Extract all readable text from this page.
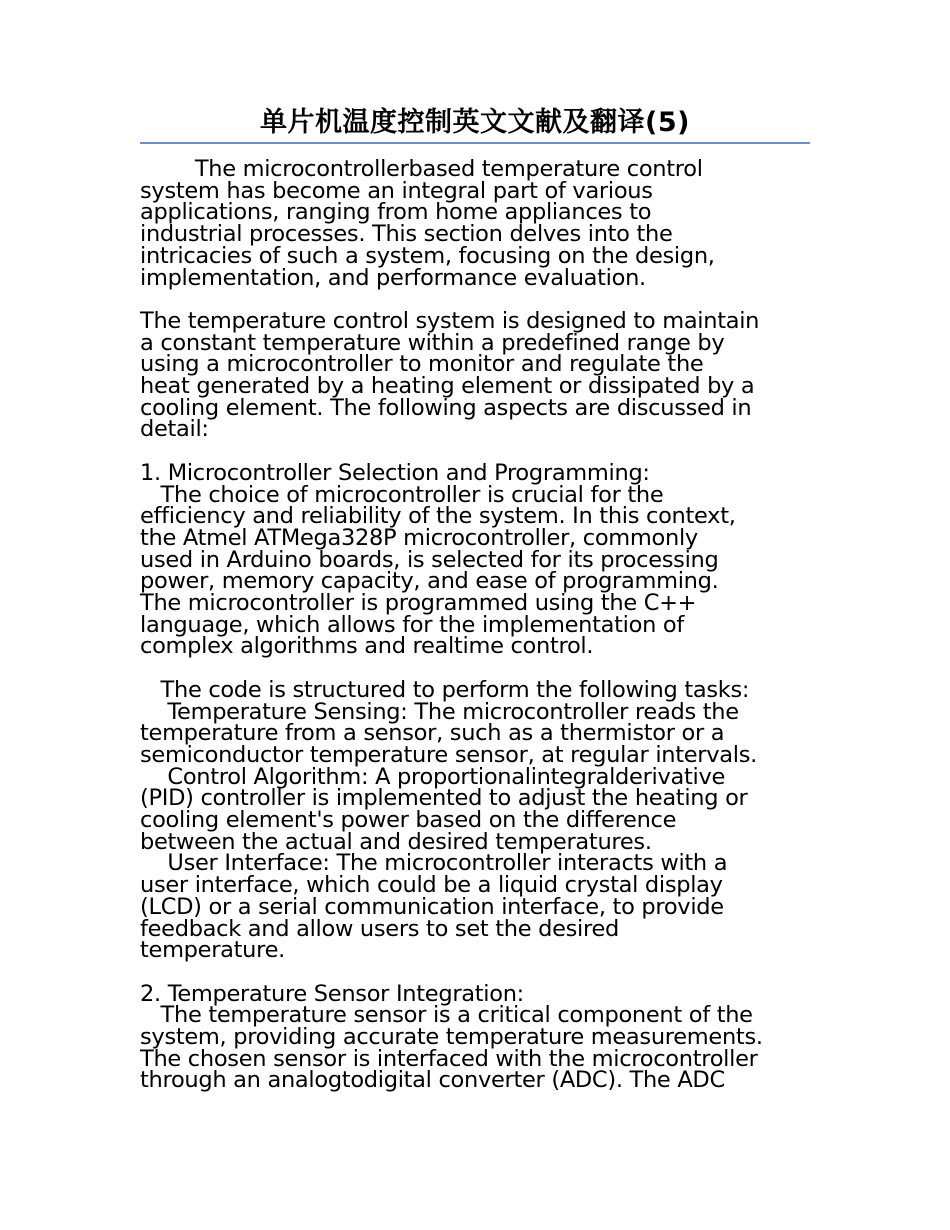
单片机温度控制英文文献及翻译(5)
The microcontrollerbased temperature control
system has become an integral part of various
applications, ranging from home appliances to
industrial processes. This section delves into the
intricacies of such a system, focusing on the design,
implementation, and performance evaluation.
The temperature control system is designed to maintain
a constant temperature within a predefined range by
using a microcontroller to monitor and regulate the
heat generated by a heating element or dissipated by a
cooling element. The following aspects are discussed in
detail:
1. Microcontroller Selection and Programming:
The choice of microcontroller is crucial for the
efficiency and reliability of the system. In this context,
the Atmel ATMega328P microcontroller, commonly
used in Arduino boards, is selected for its processing
power, memory capacity, and ease of programming.
The microcontroller is programmed using the C++
language, which allows for the implementation of
complex algorithms and realtime control.
The code is structured to perform the following tasks:
Temperature Sensing: The microcontroller reads the
temperature from a sensor, such as a thermistor or a
semiconductor temperature sensor, at regular intervals.
Control Algorithm: A proportionalintegralderivative
(PID) controller is implemented to adjust the heating or
cooling element's power based on the difference
between the actual and desired temperatures.
User Interface: The microcontroller interacts with a
user interface, which could be a liquid crystal display
(LCD) or a serial communication interface, to provide
feedback and allow users to set the desired
temperature.
2. Temperature Sensor Integration:
The temperature sensor is a critical component of the
system, providing accurate temperature measurements.
The chosen sensor is interfaced with the microcontroller
through an analogtodigital converter (ADC). The ADC
